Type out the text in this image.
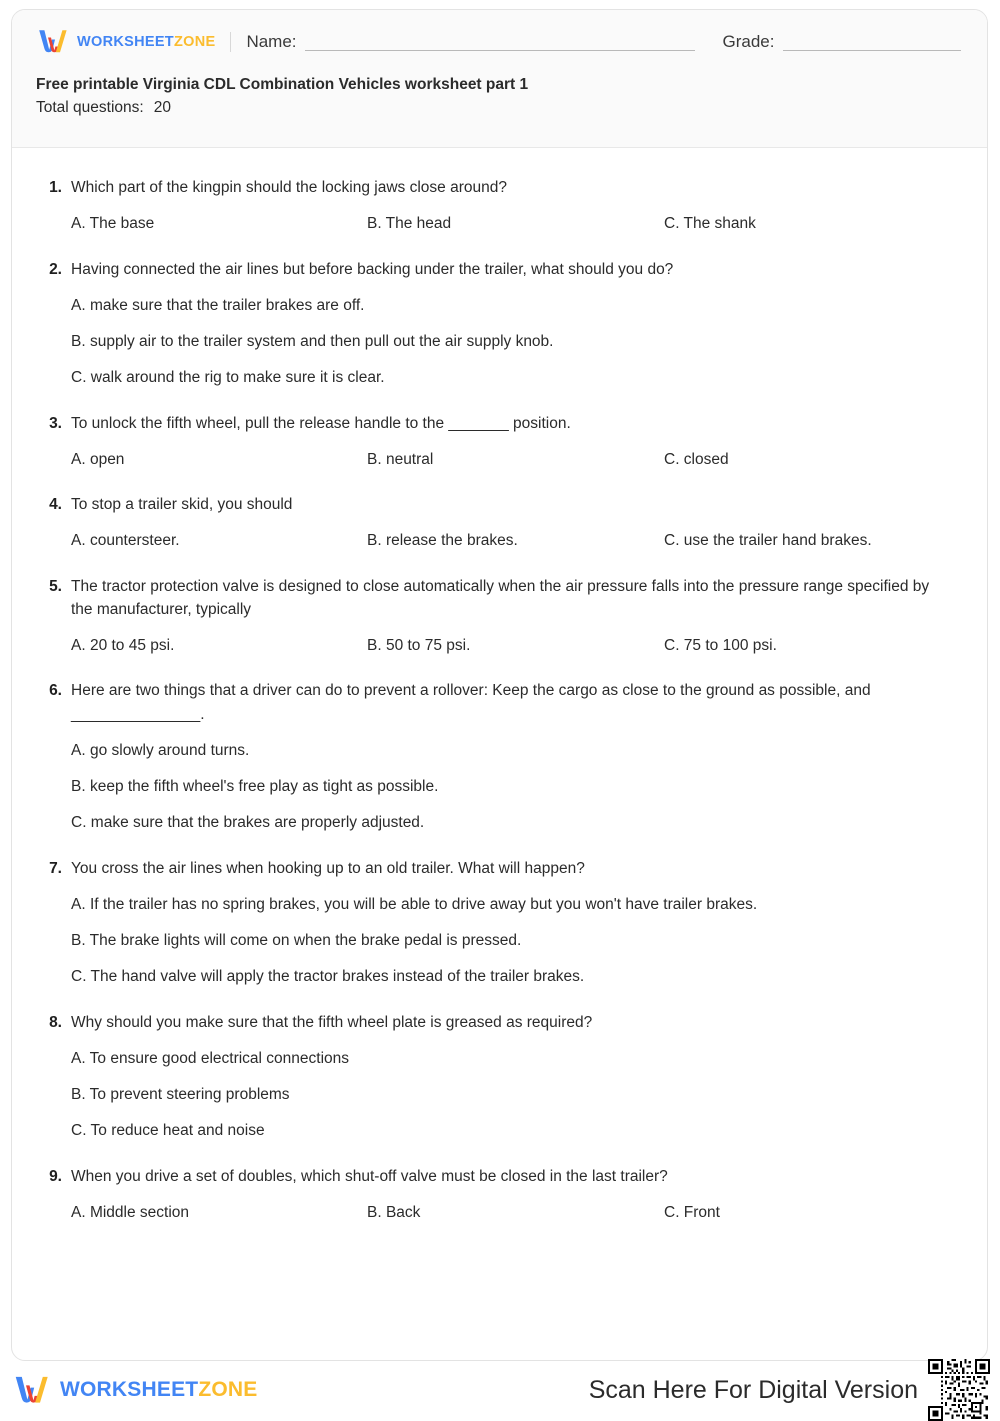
WORKSHEETZONE Name:	Grade:

Free printable Virginia CDL Combination Vehicles worksheet part 1

Total questions: 20

1. Which part of the kingpin should the locking jaws close around?
A. The base	B. The head	C. The shank
2. Having connected the air lines but before backing under the trailer, what should you do?
A. make sure that the trailer brakes are off.
B. supply air to the trailer system and then pull out the air supply knob.
C. walk around the rig to make sure it is clear.
3. To unlock the fifth wheel, pull the release handle to the _______ position.
A. open	B. neutral	C. closed
4. To stop a trailer skid, you should
A. countersteer.	B. release the brakes.	C. use the trailer hand brakes.
5. The tractor protection valve is designed to close automatically when the air pressure falls into the pressure range specified by the manufacturer, typically
A. 20 to 45 psi.	B. 50 to 75 psi.	C. 75 to 100 psi.
6. Here are two things that a driver can do to prevent a rollover: Keep the cargo as close to the ground as possible, and _______________.
A. go slowly around turns.
B. keep the fifth wheel's free play as tight as possible.
C. make sure that the brakes are properly adjusted.
7. You cross the air lines when hooking up to an old trailer. What will happen?
A. If the trailer has no spring brakes, you will be able to drive away but you won't have trailer brakes.
B. The brake lights will come on when the brake pedal is pressed.
C. The hand valve will apply the tractor brakes instead of the trailer brakes.
8. Why should you make sure that the fifth wheel plate is greased as required?
A. To ensure good electrical connections
B. To prevent steering problems
C. To reduce heat and noise
9. When you drive a set of doubles, which shut-off valve must be closed in the last trailer?
A. Middle section	B. Back	C. Front
WORKSHEETZONE	Scan Here For Digital Version
